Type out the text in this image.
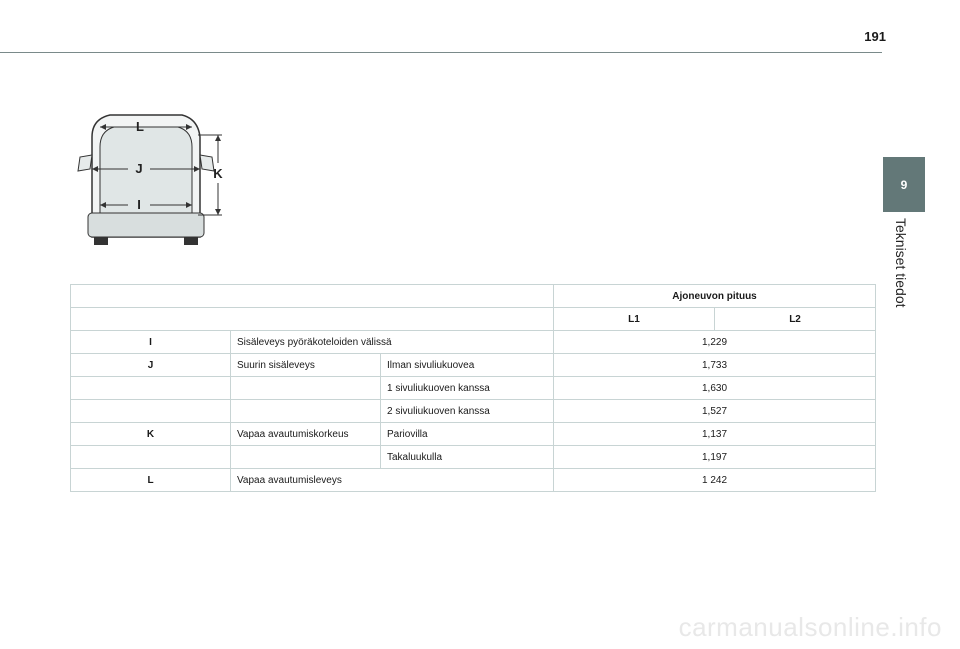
191
9
Tekniset tiedot
L
J
I
K
			Ajoneuvon pituus	
			L1	L2
I	Sisäleveys pyöräkoteloiden välissä		1,229	
J	Suurin sisäleveys	Ilman sivuliukuovea	1,733	
		1 sivuliukuoven kanssa	1,630	
		2 sivuliukuoven kanssa	1,527	
K	Vapaa avautumiskorkeus	Pariovilla	1,137	
		Takaluukulla	1,197	
L	Vapaa avautumisleveys		1 242	
carmanualsonline.info
